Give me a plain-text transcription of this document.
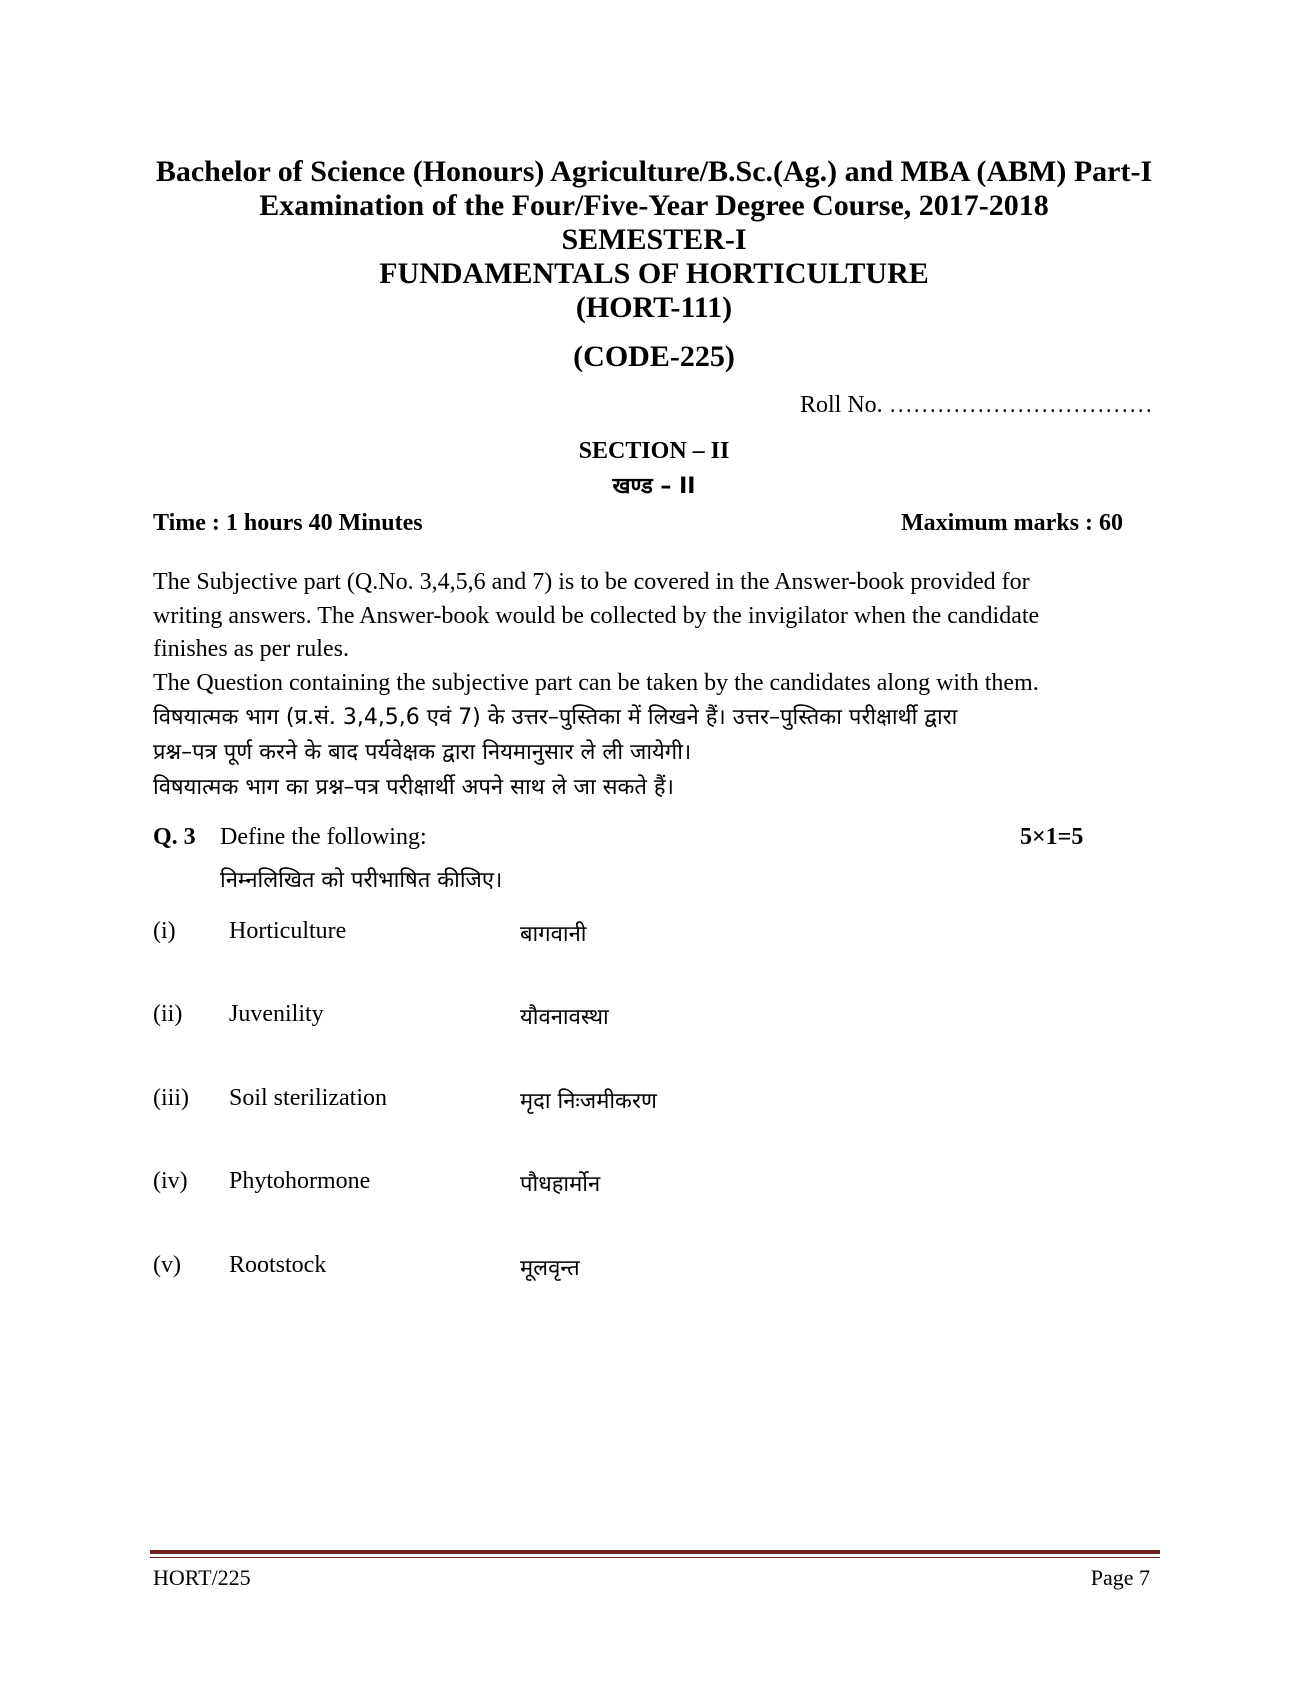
Bachelor of Science (Honours) Agriculture/B.Sc.(Ag.) and MBA (ABM) Part-I
Examination of the Four/Five-Year Degree Course, 2017-2018
SEMESTER-I
FUNDAMENTALS OF HORTICULTURE
(HORT-111)
(CODE-225)
Roll No. ……………………………
SECTION – II
खण्ड – II
Time : 1 hours 40 Minutes	Maximum marks : 60
The Subjective part (Q.No. 3,4,5,6 and 7) is to be covered in the Answer-book provided for
writing answers. The Answer-book would be collected by the invigilator when the candidate
finishes as per rules.
The Question containing the subjective part can be taken by the candidates along with them.
विषयात्मक भाग (प्र.सं. 3,4,5,6 एवं 7) के उत्तर–पुस्तिका में लिखने हैं। उत्तर–पुस्तिका परीक्षार्थी द्वारा
प्रश्न–पत्र पूर्ण करने के बाद पर्यवेक्षक द्वारा नियमानुसार ले ली जायेगी।
विषयात्मक भाग का प्रश्न–पत्र परीक्षार्थी अपने साथ ले जा सकते हैं।
Q. 3 Define the following:	5×1=5
निम्नलिखित को परीभाषित कीजिए।
(i) Horticulture	बागवानी
(ii) Juvenility	यौवनावस्था
(iii) Soil sterilization	मृदा निःजमीकरण
(iv) Phytohormone	पौधहार्मोन
(v) Rootstock	मूलवृन्त
HORT/225	Page 7
